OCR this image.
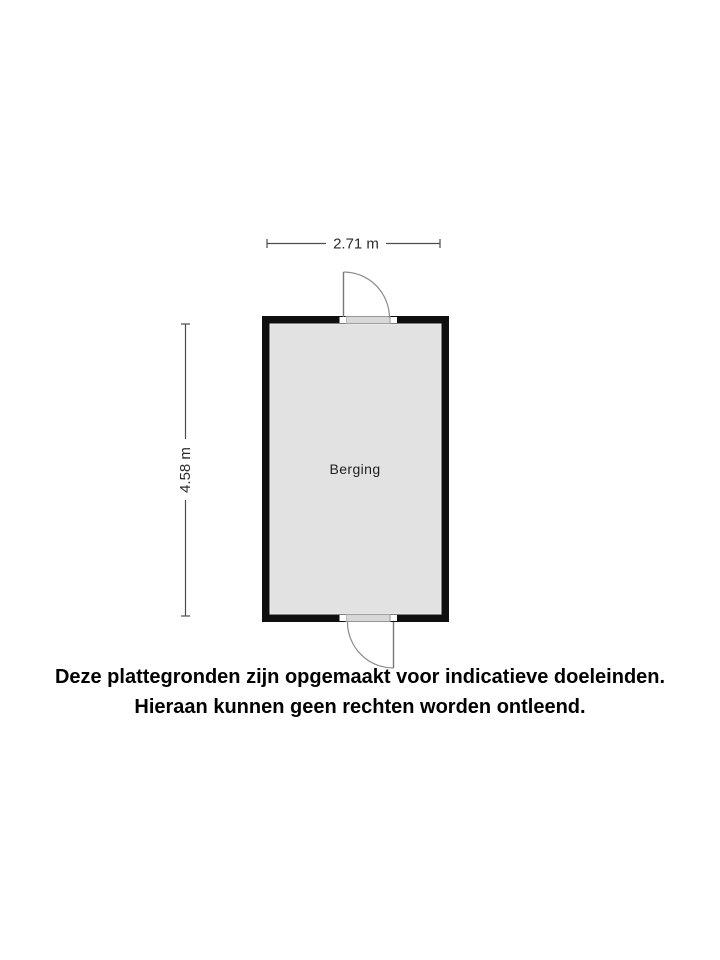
2.71 m
4.58 m	Berging
Deze plattegronden zijn opgemaakt voor indicatieve doeleinden.
Hieraan kunnen geen rechten worden ontleend.
